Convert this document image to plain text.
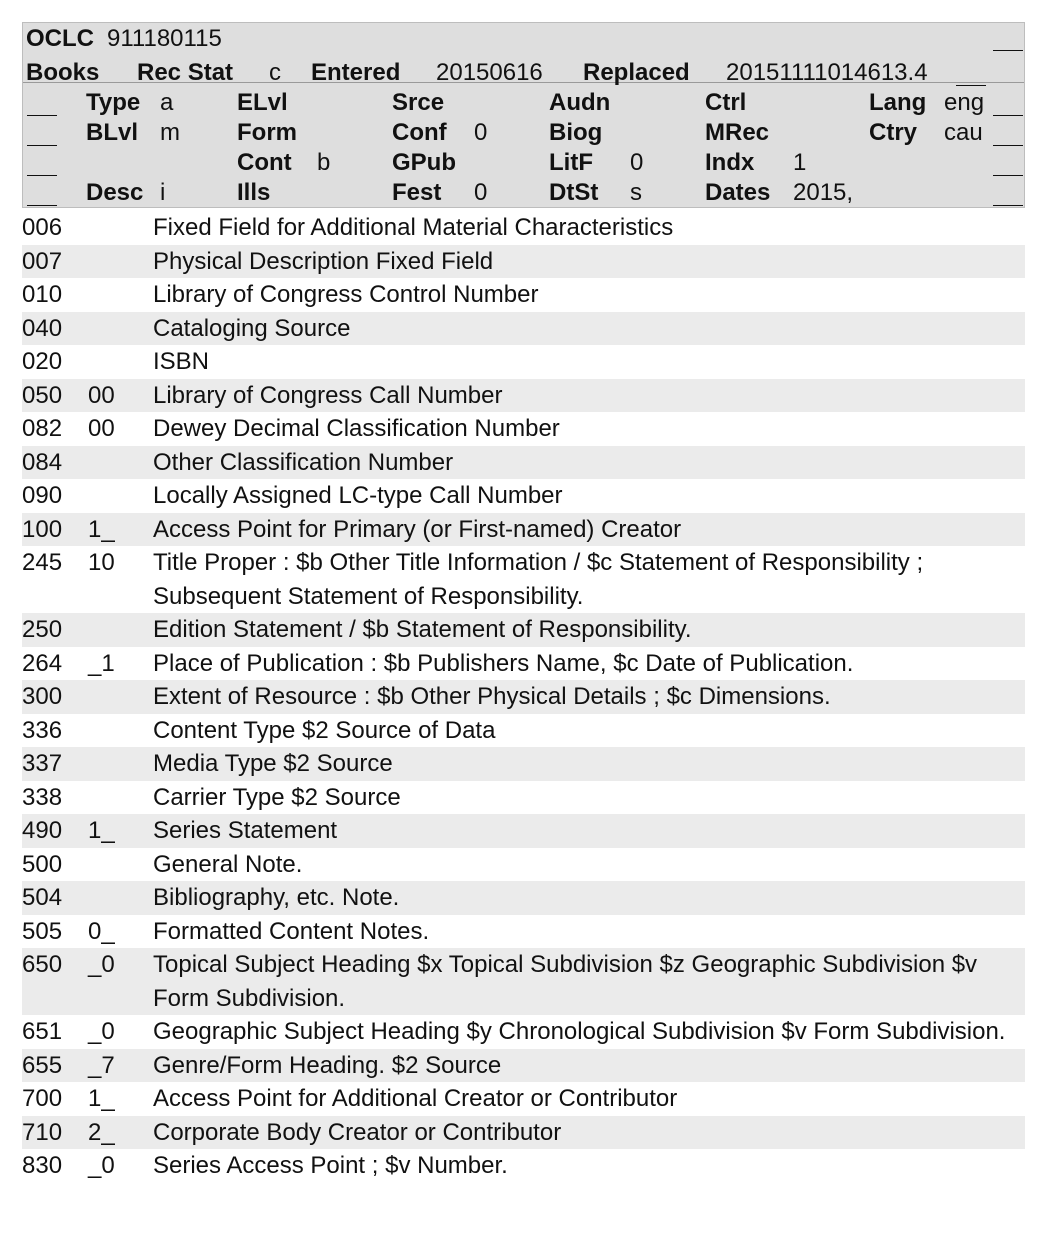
OCLC 911180115
Books Rec Stat c Entered 20150616 Replaced 20151111014613.4
Type a	ELvl	Srce	Audn	Ctrl	Lang eng
BLvl m Form	Conf 0	Biog	MRec	Ctry cau
Cont b	GPub	LitF 0	Indx 1
Desc i	Ills	Fest 0	DtSt s	Dates 2015,
006	Fixed Field for Additional Material Characteristics
007	Physical Description Fixed Field
010	Library of Congress Control Number
040	Cataloging Source
020	ISBN
050 00 Library of Congress Call Number
082 00 Dewey Decimal Classification Number
084	Other Classification Number
090	Locally Assigned LC-type Call Number
100 1_ Access Point for Primary (or First-named) Creator
245 10 Title Proper : $b Other Title Information / $c Statement of Responsibility ; Subsequent Statement of Responsibility.
250	Edition Statement / $b Statement of Responsibility.
264 _1 Place of Publication : $b Publishers Name, $c Date of Publication.
300	Extent of Resource : $b Other Physical Details ; $c Dimensions.
336	Content Type $2 Source of Data
337	Media Type $2 Source
338	Carrier Type $2 Source
490 1_ Series Statement
500	General Note.
504	Bibliography, etc. Note.
505 0_ Formatted Content Notes.
650 _0 Topical Subject Heading $x Topical Subdivision $z Geographic Subdivision $v Form Subdivision.
651 _0 Geographic Subject Heading $y Chronological Subdivision $v Form Subdivision.
655 _7 Genre/Form Heading. $2 Source
700 1_ Access Point for Additional Creator or Contributor
710 2_ Corporate Body Creator or Contributor
830 _0 Series Access Point ; $v Number.
